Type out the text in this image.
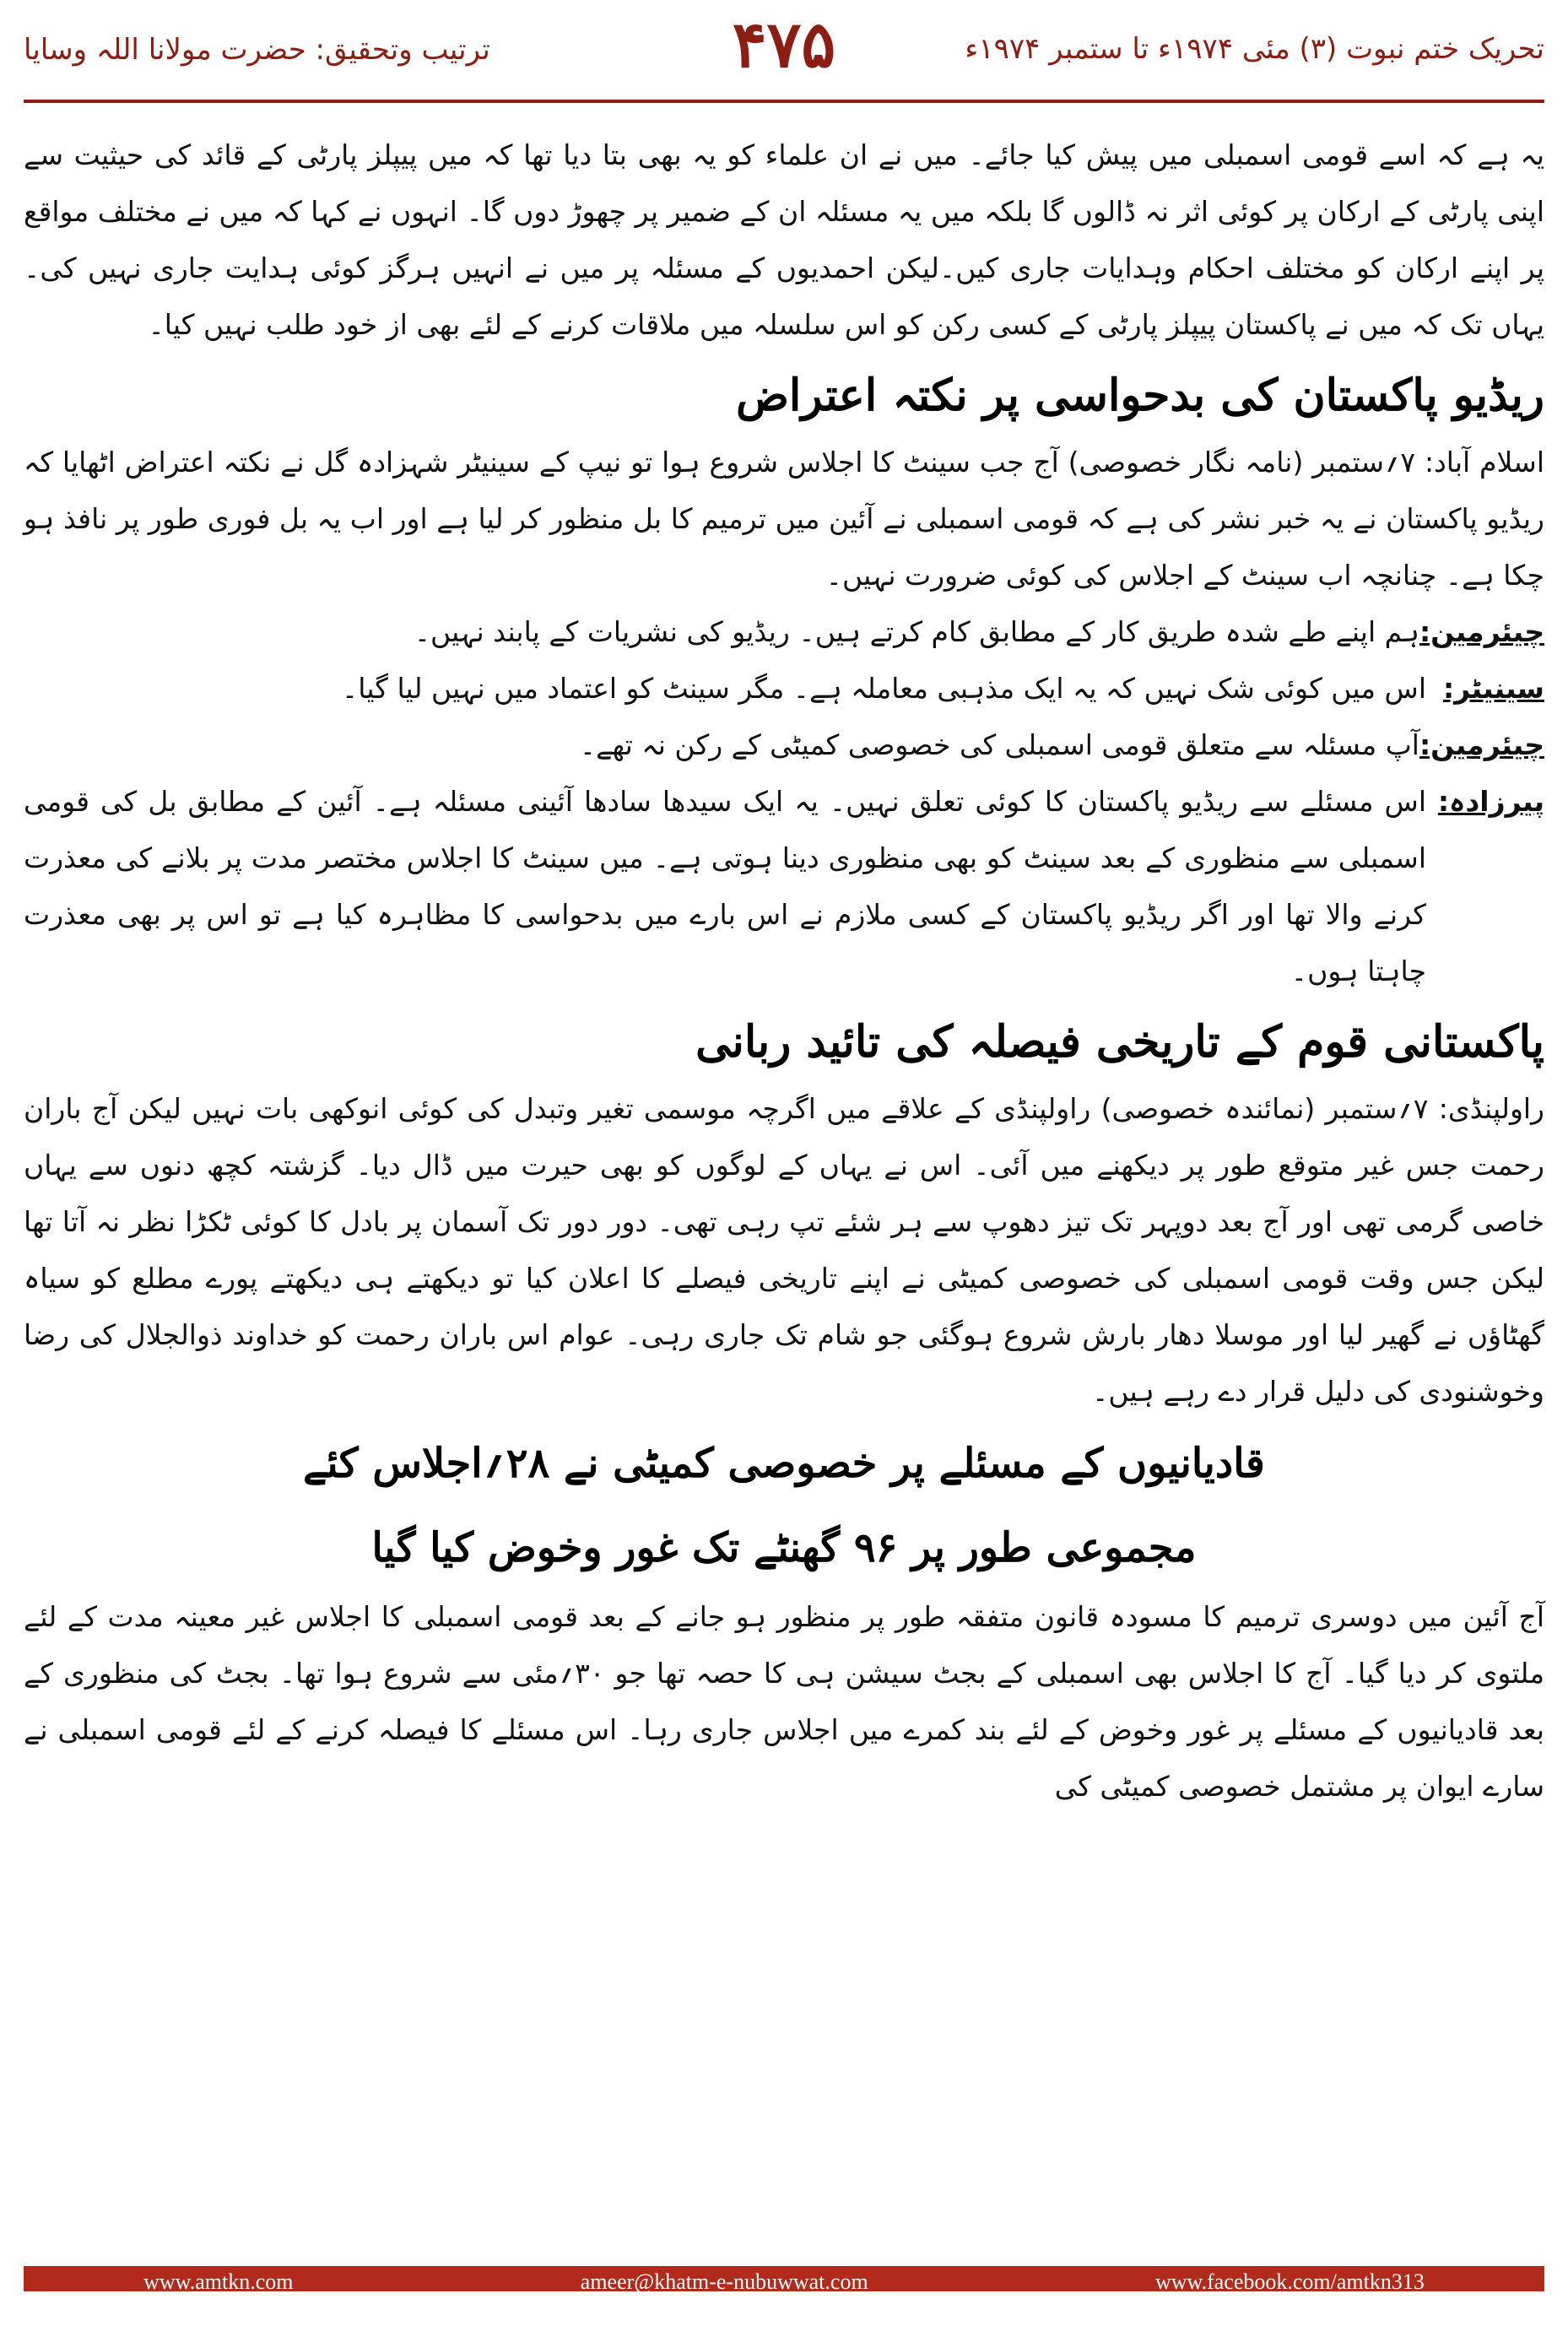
ترتیب وتحقیق: حضرت مولانا اللہ وسایا	۴۷۵	تحریک ختم نبوت (۳) مئی ۱۹۷۴ء تا ستمبر ۱۹۷۴ء

یہ ہے کہ اسے قومی اسمبلی میں پیش کیا جائے۔ میں نے ان علماء کو یہ بھی بتا دیا تھا کہ میں پیپلز پارٹی کے قائد کی حیثیت سے اپنی پارٹی کے ارکان پر کوئی اثر نہ ڈالوں گا بلکہ میں یہ مسئلہ ان کے ضمیر پر چھوڑ دوں گا۔ انہوں نے کہا کہ میں نے مختلف مواقع پر اپنے ارکان کو مختلف احکام وہدایات جاری کیں۔لیکن احمدیوں کے مسئلہ پر میں نے انہیں ہرگز کوئی ہدایت جاری نہیں کی۔ یہاں تک کہ میں نے پاکستان پیپلز پارٹی کے کسی رکن کو اس سلسلہ میں ملاقات کرنے کے لئے بھی از خود طلب نہیں کیا۔

ریڈیو پاکستان کی بدحواسی پر نکتہ اعتراض

اسلام آباد: ۷؍ستمبر (نامہ نگار خصوصی) آج جب سینٹ کا اجلاس شروع ہوا تو نیپ کے سینیٹر شہزادہ گل نے نکتہ اعتراض اٹھایا کہ ریڈیو پاکستان نے یہ خبر نشر کی ہے کہ قومی اسمبلی نے آئین میں ترمیم کا بل منظور کر لیا ہے اور اب یہ بل فوری طور پر نافذ ہو چکا ہے۔ چنانچہ اب سینٹ کے اجلاس کی کوئی ضرورت نہیں۔

چیئرمین:
ہم اپنے طے شدہ طریق کار کے مطابق کام کرتے ہیں۔ ریڈیو کی نشریات کے پابند نہیں۔
سینیٹر:
اس میں کوئی شک نہیں کہ یہ ایک مذہبی معاملہ ہے۔ مگر سینٹ کو اعتماد میں نہیں لیا گیا۔
چیئرمین:
آپ مسئلہ سے متعلق قومی اسمبلی کی خصوصی کمیٹی کے رکن نہ تھے۔
پیرزادہ:
اس مسئلے سے ریڈیو پاکستان کا کوئی تعلق نہیں۔ یہ ایک سیدھا سادھا آئینی مسئلہ ہے۔ آئین کے مطابق بل کی قومی اسمبلی سے منظوری کے بعد سینٹ کو بھی منظوری دینا ہوتی ہے۔ میں سینٹ کا اجلاس مختصر مدت پر بلانے کی معذرت کرنے والا تھا اور اگر ریڈیو پاکستان کے کسی ملازم نے اس بارے میں بدحواسی کا مظاہرہ کیا ہے تو اس پر بھی معذرت چاہتا ہوں۔
پاکستانی قوم کے تاریخی فیصلہ کی تائید ربانی

راولپنڈی: ۷؍ستمبر (نمائندہ خصوصی) راولپنڈی کے علاقے میں اگرچہ موسمی تغیر وتبدل کی کوئی انوکھی بات نہیں لیکن آج باران رحمت جس غیر متوقع طور پر دیکھنے میں آئی۔ اس نے یہاں کے لوگوں کو بھی حیرت میں ڈال دیا۔ گزشتہ کچھ دنوں سے یہاں خاصی گرمی تھی اور آج بعد دوپہر تک تیز دھوپ سے ہر شئے تپ رہی تھی۔ دور دور تک آسمان پر بادل کا کوئی ٹکڑا نظر نہ آتا تھا لیکن جس وقت قومی اسمبلی کی خصوصی کمیٹی نے اپنے تاریخی فیصلے کا اعلان کیا تو دیکھتے ہی دیکھتے پورے مطلع کو سیاہ گھٹاؤں نے گھیر لیا اور موسلا دھار بارش شروع ہوگئی جو شام تک جاری رہی۔ عوام اس باران رحمت کو خداوند ذوالجلال کی رضا وخوشنودی کی دلیل قرار دے رہے ہیں۔

قادیانیوں کے مسئلے پر خصوصی کمیٹی نے ۲۸؍اجلاس کئے
مجموعی طور پر ۹۶ گھنٹے تک غور وخوض کیا گیا

آج آئین میں دوسری ترمیم کا مسودہ قانون متفقہ طور پر منظور ہو جانے کے بعد قومی اسمبلی کا اجلاس غیر معینہ مدت کے لئے ملتوی کر دیا گیا۔ آج کا اجلاس بھی اسمبلی کے بجٹ سیشن ہی کا حصہ تھا جو ۳۰؍مئی سے شروع ہوا تھا۔ بجٹ کی منظوری کے بعد قادیانیوں کے مسئلے پر غور وخوض کے لئے بند کمرے میں اجلاس جاری رہا۔ اس مسئلے کا فیصلہ کرنے کے لئے قومی اسمبلی نے سارے ایوان پر مشتمل خصوصی کمیٹی کی

www.amtkn.com	ameer@khatm-e-nubuwwat.com	www.facebook.com/amtkn313
